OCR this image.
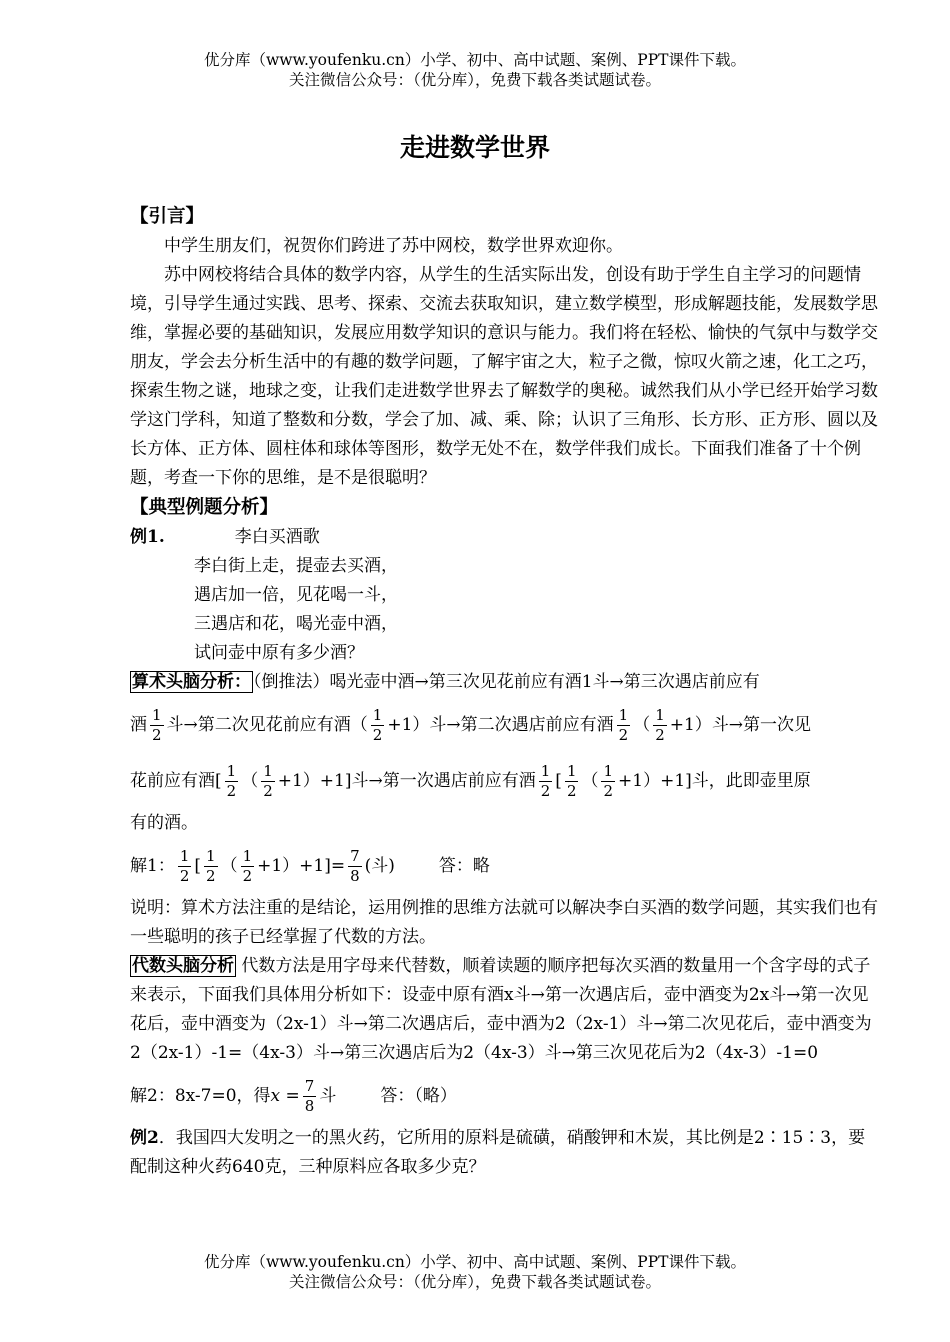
优分库（www.youfenku.cn）小学、初中、高中试题、案例、PPT课件下载。
关注微信公众号：（优分库），免费下载各类试题试卷。
走进数学世界
【引言】
中学生朋友们，祝贺你们跨进了苏中网校，数学世界欢迎你。
苏中网校将结合具体的数学内容，从学生的生活实际出发，创设有助于学生自主学习的问题情境，引导学生通过实践、思考、探索、交流去获取知识，建立数学模型，形成解题技能，发展数学思维，掌握必要的基础知识，发展应用数学知识的意识与能力。我们将在轻松、愉快的气氛中与数学交朋友，学会去分析生活中的有趣的数学问题，了解宇宙之大，粒子之微，惊叹火箭之速，化工之巧，探索生物之谜，地球之变，让我们走进数学世界去了解数学的奥秘。诚然我们从小学已经开始学习数学这门学科，知道了整数和分数，学会了加、减、乘、除；认识了三角形、长方形、正方形、圆以及长方体、正方体、圆柱体和球体等图形，数学无处不在，数学伴我们成长。下面我们准备了十个例题，考查一下你的思维，是不是很聪明？
【典型例题分析】
例1.	李白买酒歌
李白街上走，提壶去买酒，
遇店加一倍，见花喝一斗，
三遇店和花，喝光壶中酒，
试问壶中原有多少酒？
算术头脑分析： （倒推法）喝光壶中酒→第三次见花前应有酒1斗→第三次遇店前应有
酒 $\frac{1}{2}$ 斗→第二次见花前应有酒（ $\frac{1}{2} +1$）斗→第二次遇店前应有酒 $\frac{1}{2}$ （ $\frac{1}{2} +1$）斗→第一次见
花前应有酒[ $\frac{1}{2}$ （ $\frac{1}{2} +1)+1$]斗→第一次遇店前应有酒 $\frac{1}{2}$ [ $\frac{1}{2}$ （ $\frac{1}{2} +1)+1$]斗，此即壶里原
有的酒。
解1： $\frac{1}{2}$ [ $\frac{1}{2}$ （ $\frac{1}{2} +1)+1]= \frac{7}{8}$ (斗)	答：略
说明：算术方法注重的是结论，运用例推的思维方法就可以解决李白买酒的数学问题，其实我们也有一些聪明的孩子已经掌握了代数的方法。
代数头脑分析 代数方法是用字母来代替数，顺着读题的顺序把每次买酒的数量用一个含字母的式子来表示，下面我们具体用分析如下：设壶中原有酒x斗→第一次遇店后，壶中酒变为2x斗→第一次见花后，壶中酒变为（2x-1）斗→第二次遇店后，壶中酒为2（2x-1）斗→第二次见花后，壶中酒变为2（2x-1）-1=（4x-3）斗→第三次遇店后为2（4x-3）斗→第三次见花后为2（4x-3）-1=0
解2：8x-7=0，得$x = \frac{7}{8}$ 斗	答：（略）
例2．我国四大发明之一的黑火药，它所用的原料是硫磺，硝酸钾和木炭，其比例是2∶15∶3，要配制这种火药640克，三种原料应各取多少克？
优分库（www.youfenku.cn）小学、初中、高中试题、案例、PPT课件下载。
关注微信公众号：（优分库），免费下载各类试题试卷。
